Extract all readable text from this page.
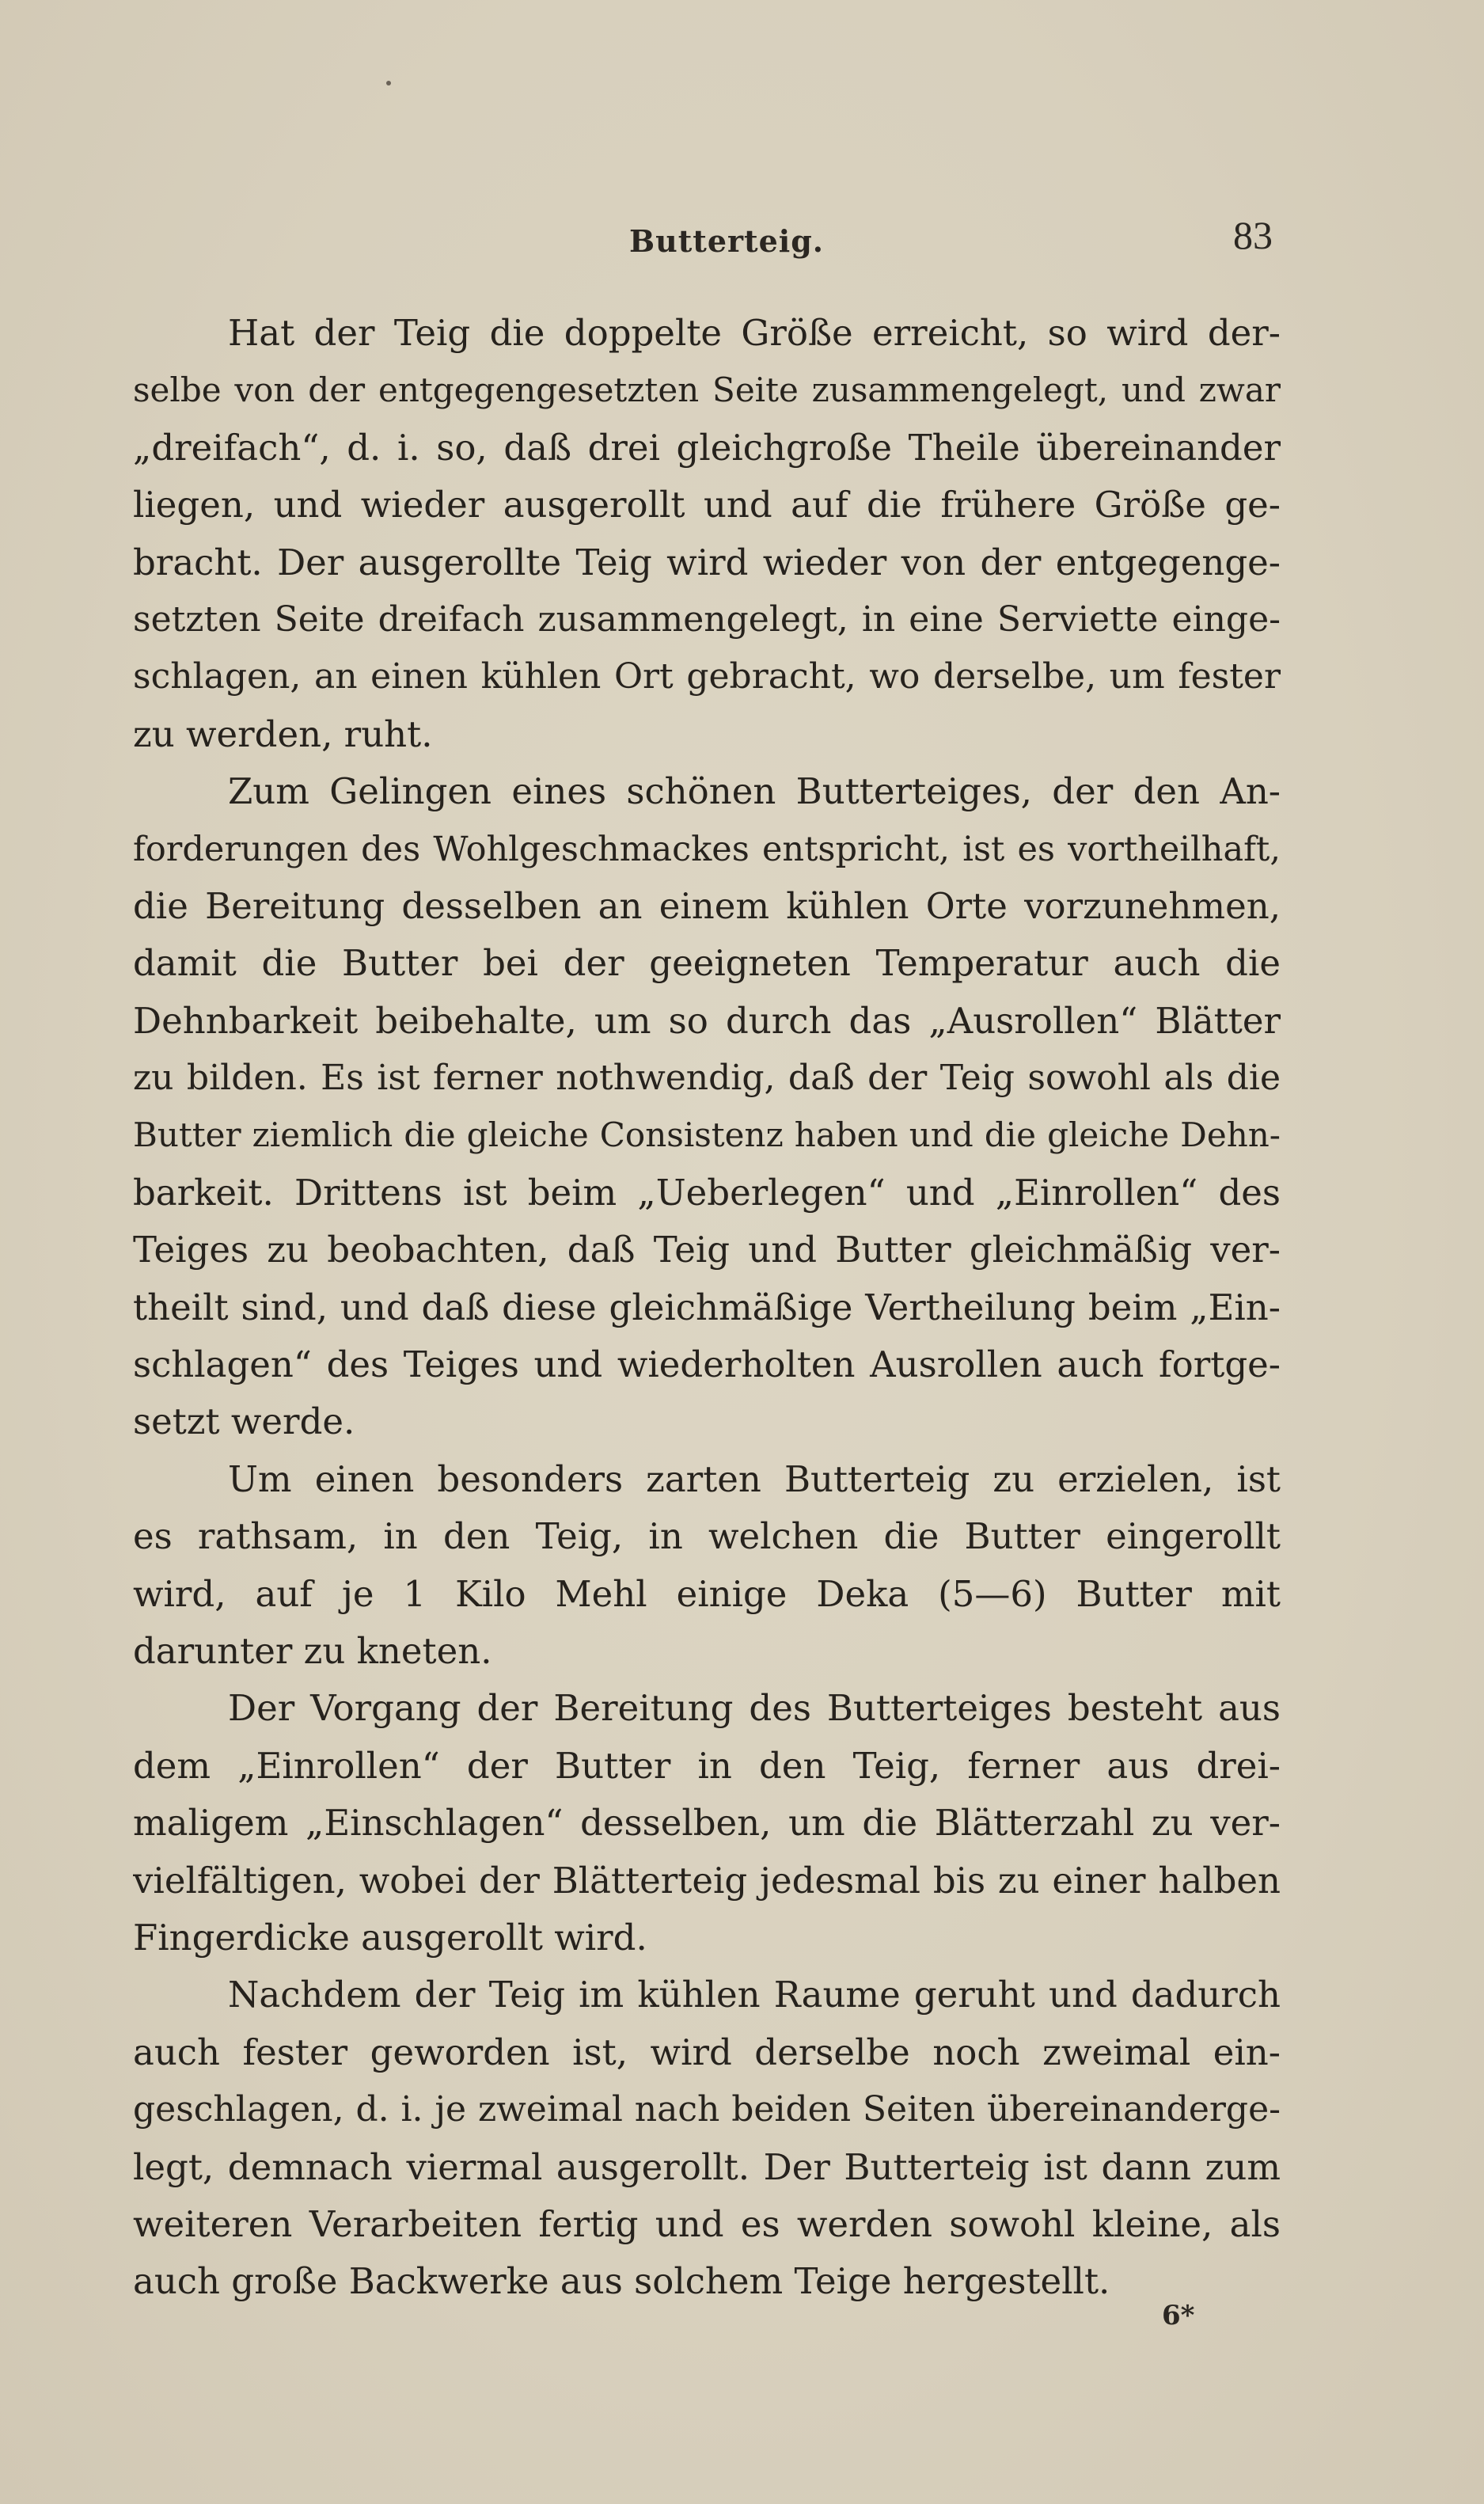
Butterteig.	83

Hat der Teig die doppelte Größe erreicht, so wird der-
selbe von der entgegengesetzten Seite zusammengelegt, und zwar
„dreifach“, d. i. so, daß drei gleichgroße Theile übereinander
liegen, und wieder ausgerollt und auf die frühere Größe ge-
bracht. Der ausgerollte Teig wird wieder von der entgegenge-
setzten Seite dreifach zusammengelegt, in eine Serviette einge-
schlagen, an einen kühlen Ort gebracht, wo derselbe, um fester
zu werden, ruht.

Zum Gelingen eines schönen Butterteiges, der den An-
forderungen des Wohlgeschmackes entspricht, ist es vortheilhaft,
die Bereitung desselben an einem kühlen Orte vorzunehmen,
damit die Butter bei der geeigneten Temperatur auch die
Dehnbarkeit beibehalte, um so durch das „Ausrollen“ Blätter
zu bilden. Es ist ferner nothwendig, daß der Teig sowohl als die
Butter ziemlich die gleiche Consistenz haben und die gleiche Dehn-
barkeit. Drittens ist beim „Ueberlegen“ und „Einrollen“ des
Teiges zu beobachten, daß Teig und Butter gleichmäßig ver-
theilt sind, und daß diese gleichmäßige Vertheilung beim „Ein-
schlagen“ des Teiges und wiederholten Ausrollen auch fortge-
setzt werde.

Um einen besonders zarten Butterteig zu erzielen, ist
es rathsam, in den Teig, in welchen die Butter eingerollt
wird, auf je 1 Kilo Mehl einige Deka (5—6) Butter mit
darunter zu kneten.

Der Vorgang der Bereitung des Butterteiges besteht aus
dem „Einrollen“ der Butter in den Teig, ferner aus drei-
maligem „Einschlagen“ desselben, um die Blätterzahl zu ver-
vielfältigen, wobei der Blätterteig jedesmal bis zu einer halben
Fingerdicke ausgerollt wird.

Nachdem der Teig im kühlen Raume geruht und dadurch
auch fester geworden ist, wird derselbe noch zweimal ein-
geschlagen, d. i. je zweimal nach beiden Seiten übereinanderge-
legt, demnach viermal ausgerollt. Der Butterteig ist dann zum
weiteren Verarbeiten fertig und es werden sowohl kleine, als
auch große Backwerke aus solchem Teige hergestellt.

6*
